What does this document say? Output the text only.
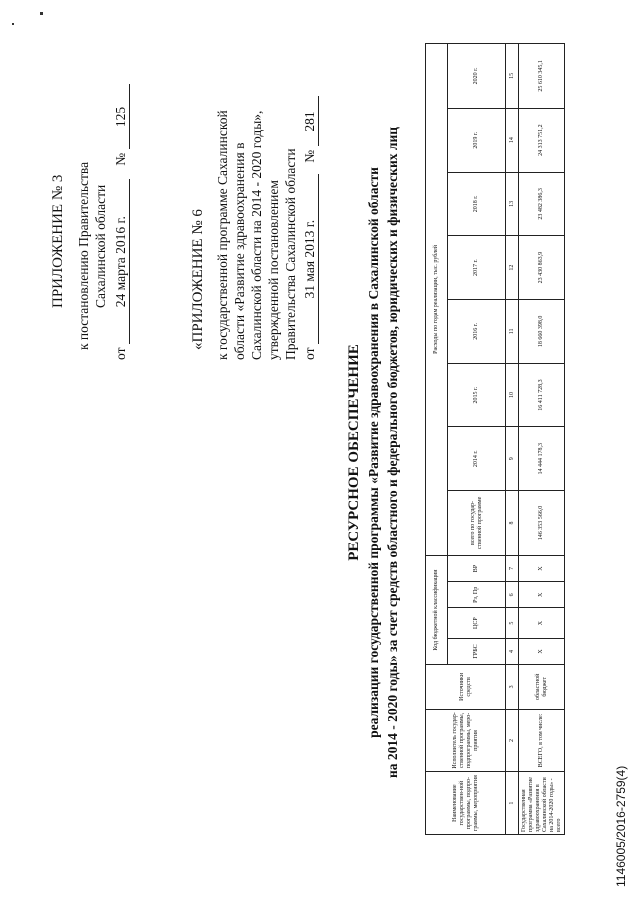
ПРИЛОЖЕНИЕ № 3 к постановлению Правительства Сахалинской области
от 24 марта 2016 г. № 125
«ПРИЛОЖЕНИЕ № 6 к государственной программе Сахалинской области «Развитие здравоохранения в Сахалинской области на 2014 - 2020 годы», утвержденной постановлением Правительства Сахалинской области от 31 мая 2013 г. № 281
РЕСУРСНОЕ ОБЕСПЕЧЕНИЕ реализации государственной программы «Развитие здравоохранения в Сахалинской области на 2014 - 2020 годы» за счет средств областного и федерального бюджетов, юридических и физических лиц
Наименование государствен-ной программы, подпро-граммы, мероприятия	Исполнитель государ-ственной программы, подпрограммы, меро-приятия	Источники средств	Код бюджетной классификации				Расходы по годам реализации, тыс. рублей							
			ГРБС	ЦСР	Рз, Пр	ВР	всего по государ-ственной программе	2014 г.	2015 г.	2016 г.	2017 г.	2018 г.	2019 г.	2020 г.
1	2	3	4	5	6	7	8	9	10	11	12	13	14	15
Государственная программа «Развитие здравоохранения в Сахалинской области на 2014-2020 годы» - всего	ВСЕГО, в том числе:	областной бюджет	Х	Х	Х	Х	146 353 566,0	14 444 178,3	16 411 728,3	18 660 398,0	23 430 863,9	23 482 386,3	24 313 751,2	25 610 345,1
1146005/2016-2759(4)
